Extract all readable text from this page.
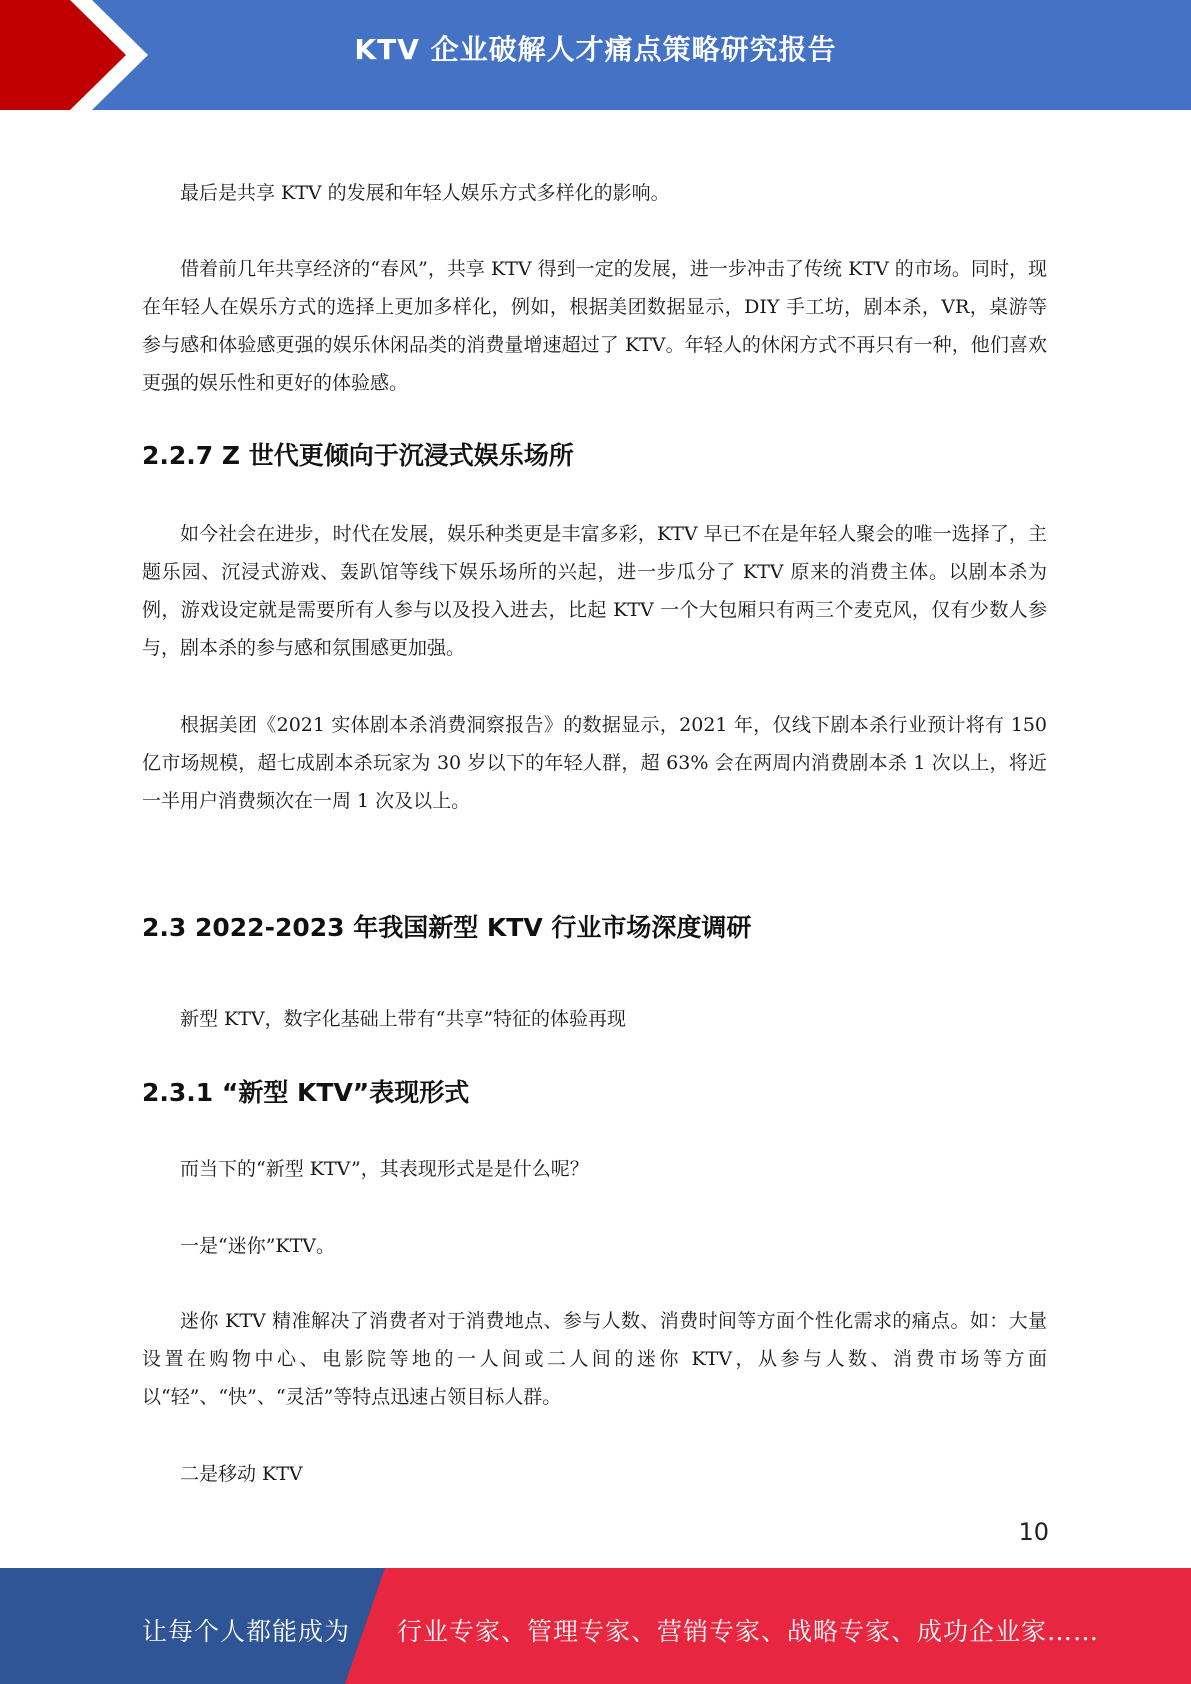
KTV 企业破解人才痛点策略研究报告

最后是共享 KTV 的发展和年轻人娱乐方式多样化的影响。

借着前几年共享经济的“春风”，共享 KTV 得到一定的发展，进一步冲击了传统 KTV 的市场。同时，现在年轻人在娱乐方式的选择上更加多样化，例如，根据美团数据显示，DIY 手工坊，剧本杀，VR，桌游等参与感和体验感更强的娱乐休闲品类的消费量增速超过了 KTV。年轻人的休闲方式不再只有一种，他们喜欢更强的娱乐性和更好的体验感。

2.2.7 Z 世代更倾向于沉浸式娱乐场所

如今社会在进步，时代在发展，娱乐种类更是丰富多彩，KTV 早已不在是年轻人聚会的唯一选择了，主题乐园、沉浸式游戏、轰趴馆等线下娱乐场所的兴起，进一步瓜分了 KTV 原来的消费主体。以剧本杀为例，游戏设定就是需要所有人参与以及投入进去，比起 KTV 一个大包厢只有两三个麦克风，仅有少数人参与，剧本杀的参与感和氛围感更加强。

根据美团《2021 实体剧本杀消费洞察报告》的数据显示，2021 年，仅线下剧本杀行业预计将有 150 亿市场规模，超七成剧本杀玩家为 30 岁以下的年轻人群，超 63% 会在两周内消费剧本杀 1 次以上，将近一半用户消费频次在一周 1 次及以上。

2.3 2022-2023 年我国新型 KTV 行业市场深度调研

新型 KTV，数字化基础上带有“共享”特征的体验再现

2.3.1 “新型 KTV”表现形式

而当下的“新型 KTV”，其表现形式是是什么呢？

一是“迷你”KTV。

迷你 KTV 精准解决了消费者对于消费地点、参与人数、消费时间等方面个性化需求的痛点。如：大量设置在购物中心、电影院等地的一人间或二人间的迷你 KTV，从参与人数、消费市场等方面以“轻”、“快”、“灵活”等特点迅速占领目标人群。

二是移动 KTV

10
让每个人都能成为 行业专家、管理专家、营销专家、战略专家、成功企业家……
